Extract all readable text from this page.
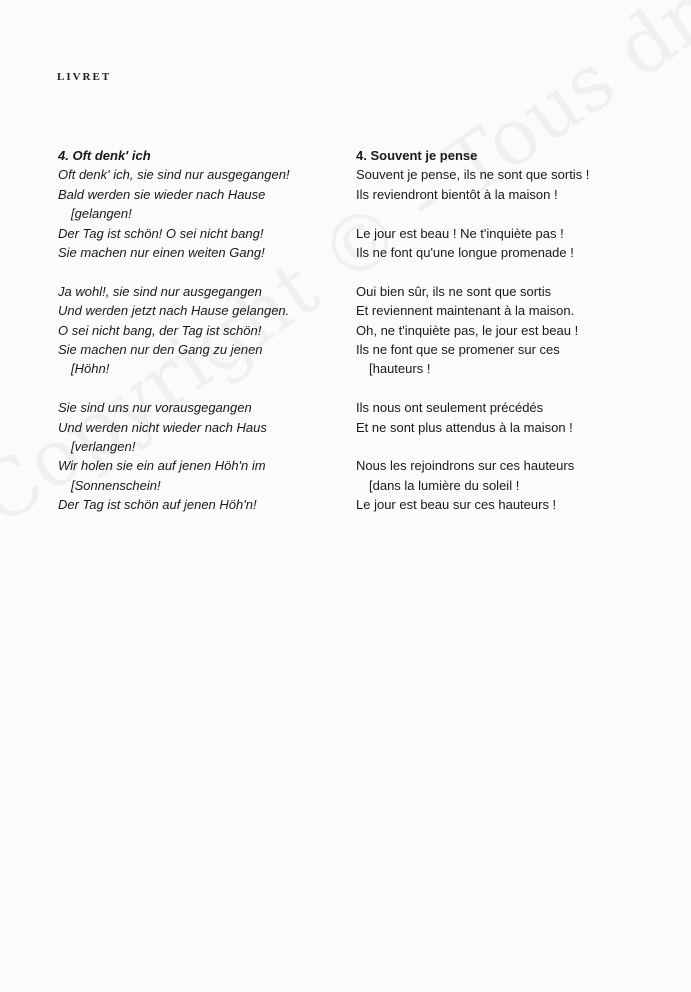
LIVRET
4. Oft denk' ich
Oft denk' ich, sie sind nur ausgegangen!
Bald werden sie wieder nach Hause
[gelangen!
Der Tag ist schön! O sei nicht bang!
Sie machen nur einen weiten Gang!
Ja wohl!, sie sind nur ausgegangen
Und werden jetzt nach Hause gelangen.
O sei nicht bang, der Tag ist schön!
Sie machen nur den Gang zu jenen
[Höhn!
Sie sind uns nur vorausgegangen
Und werden nicht wieder nach Haus
[verlangen!
Wir holen sie ein auf jenen Höh'n im
[Sonnenschein!
Der Tag ist schön auf jenen Höh'n!
4. Souvent je pense
Souvent je pense, ils ne sont que sortis !
Ils reviendront bientôt à la maison !
Le jour est beau ! Ne t'inquiète pas !
Ils ne font qu'une longue promenade !
Oui bien sûr, ils ne sont que sortis
Et reviennent maintenant à la maison.
Oh, ne t'inquiète pas, le jour est beau !
Ils ne font que se promener sur ces
[hauteurs !
Ils nous ont seulement précédés
Et ne sont plus attendus à la maison !
Nous les rejoindrons sur ces hauteurs
[dans la lumière du soleil !
Le jour est beau sur ces hauteurs !
